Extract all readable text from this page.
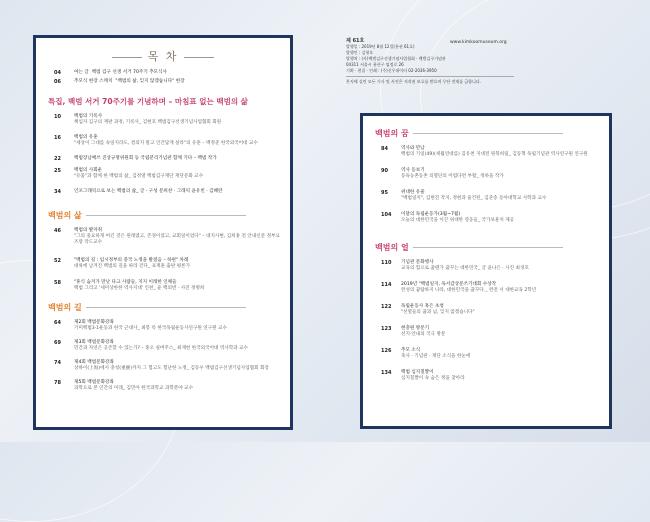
www.kimkoomuseum.org
제 61호
발행일 : 2019년 8월 12일(통권 61호)
발행인 : 김형오
발행처 : (사)백범김구선생기념사업협회 · 백범김구기념관
04311 서울시 용산구 임정로 26
기획 · 편집 · 인쇄 : (주)신우데이터 02-2036-3950
본지에 실린 모든 기사 및 사진은 저작권 보호를 받으며 무단 전재를 금합니다.
목 차
04	여는 글 백범 김구 선생 서거 70주기 추모식사
06	추모식 현장 스케치 "백범의 삶, 잊지 않겠습니다" 현장
특집, 백범 서거 70주기를 기념하며 – 마침표 없는 백범의 삶
10	백범의 기록사
책임자 김구의 재판 과정, 기록사_ 김현호 백범김구선생기념사업협회 회원
16	백범의 유훈
"세상이 그대를 속일지라도, 결의지 말고 인간답게 살라"의 유훈 – 백정준 한국외국어대 교수
22	백범장남배쓰 진상규명위원회 등 국립분리기념관 함께 기다 – 백범 작가
25	백범의 사회운
"유품"과 함께 한 백범의 삶_ 김정열 백범김구재단 재단문화 교수
34	인포그래픽으로 보는 백범의 삶_ 글 · 구성 문희찬 · 그래픽 윤유빈 · 김혜란
백범의 삶
46	백범의 발자취
"그의 중요하게 여긴 것은 원래였고, 존경이었고, 교회일이었다" – 대지사변, 김희홍 전 안내신문 정부요즈랑 작드교수
52	"백범의 길 : 임시정부의 중국 노정을 발걸음 – 하편" 차례
대륙에 남겨진 백범의 길을 따라 걷다_ 표재훈 출판 평론가
58	"휴식 숨겨가 만난 다크 사람들, 지지 이래한 인체들
백범 그리고 '세미상한한 역사지대' 인천_ 윤 백의번 · 사진 정병희
백범의 길
64	제2회 백범문화강좌
기미백범3·1운동과 한국 근대사_ 최봉 록 한국독립운동사연구원 연구원 교수
69	제3회 백범문화강좌
민간과 자연은 공존할 수 있는가? – 홍오 실버주스_ 최재헌 한국외국어대 역사학과 교수
74	제4회 백범문화강좌
상하이(上海)에서 충칭(重慶)까지 그 험고도 험난한 노정_ 김동우 백범김구선생기념사업협회 회장
78	제5회 백범문화강좌
과학으로 본 인간의 미래_ 김민아 한국과학교 과학분야 교수
백범의 꿈
84	역사와 만남
백범의 기일(49)(세월연대를) 김유천 지대전 원북희림_ 김동혁 독립기념관 역사연구원 연구원
90	역사 돋보기
동독농촌동촌 의열단의 어렵다면 부활_ 정하을 작가
95	위대한 유물
"백범일지", 김현진 작지, 정현과 울건된_ 김준송 동아대학교 사학과 교수
104	이달의 독립운동가(3월~7월)
오늘의 대한민국을 이끈 위대한 영웅들_ 국가보훈처 제공
백범의 얼
110	기념관 문화행사
교육의 힘으로 꿈텐가 꿈꾸는 대한민국_ 글 윤나은 · 사진 최경호
114	2019년 "백범일지, 독서감상문쓰기대회 수상작
완성의 꿈탐하지 나라, 대한민국을 꿈꾸다._ 완전 서 대한교육 2학년
122	독립운동사 혹은 초청
"선열들의 꿈과 넋, 잊지 않겠습니다"
123	현충원 방문기
선지·안내의 국극 방문
126	추모 소식
축사 · 기념관 · 재단 소식을 한눈에
134	백범 심지칠짤이
심지칠짤이 속 숨은 정을 찾아라
